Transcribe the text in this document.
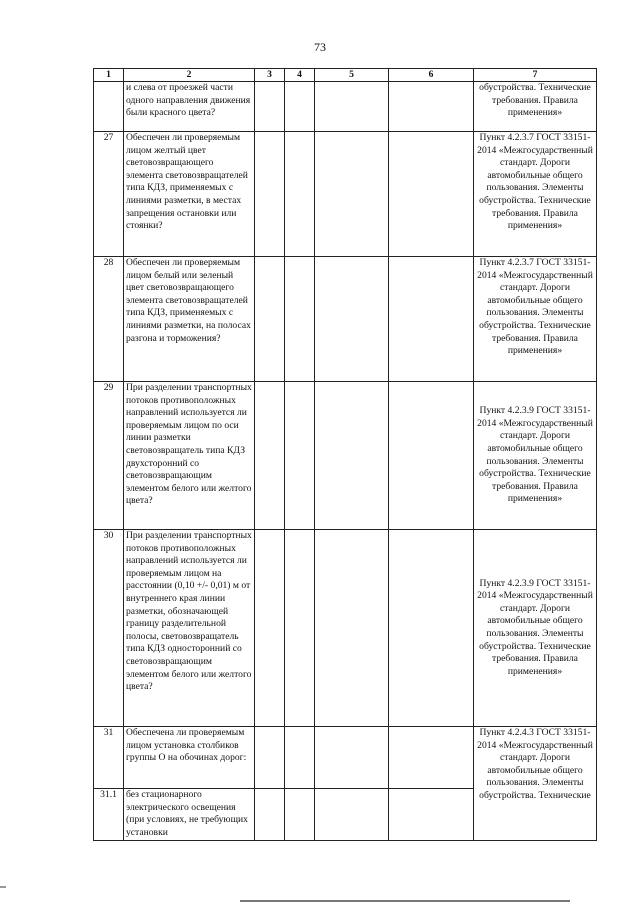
73
1	2	3	4	5	6	7
	и слева от проезжей части одного направления движения были красного цвета?					обустройства. Технические требования. Правила применения»
27	Обеспечен ли проверяемым лицом желтый цвет световозвращающего элемента световозвращателей типа КДЗ, применяемых с линиями разметки, в местах запрещения остановки или стоянки?					Пункт 4.2.3.7 ГОСТ 33151-2014 «Межгосударственный стандарт. Дороги автомобильные общего пользования. Элементы обустройства. Технические требования. Правила применения»
28	Обеспечен ли проверяемым лицом белый или зеленый цвет световозвращающего элемента световозвращателей типа КДЗ, применяемых с линиями разметки, на полосах разгона и торможения?					Пункт 4.2.3.7 ГОСТ 33151-2014 «Межгосударственный стандарт. Дороги автомобильные общего пользования. Элементы обустройства. Технические требования. Правила применения»
29	При разделении транспортных потоков противоположных направлений используется ли проверяемым лицом по оси линии разметки световозвращатель типа КДЗ двухсторонний со световозвращающим элементом белого или желтого цвета?					Пункт 4.2.3.9 ГОСТ 33151-2014 «Межгосударственный стандарт. Дороги автомобильные общего пользования. Элементы обустройства. Технические требования. Правила применения»
30	При разделении транспортных потоков противоположных направлений используется ли проверяемым лицом на расстоянии (0,10 +/- 0,01) м от внутреннего края линии разметки, обозначающей границу разделительной полосы, световозвращатель типа КДЗ односторонний со световозвращающим элементом белого или желтого цвета?					Пункт 4.2.3.9 ГОСТ 33151-2014 «Межгосударственный стандарт. Дороги автомобильные общего пользования. Элементы обустройства. Технические требования. Правила применения»
31	Обеспечена ли проверяемым лицом установка столбиков группы О на обочинах дорог:					Пункт 4.2.4.3 ГОСТ 33151-2014 «Межгосударственный стандарт. Дороги автомобильные общего пользования. Элементы обустройства. Технические
31.1	без стационарного электрического освещения (при условиях, не требующих установки					
